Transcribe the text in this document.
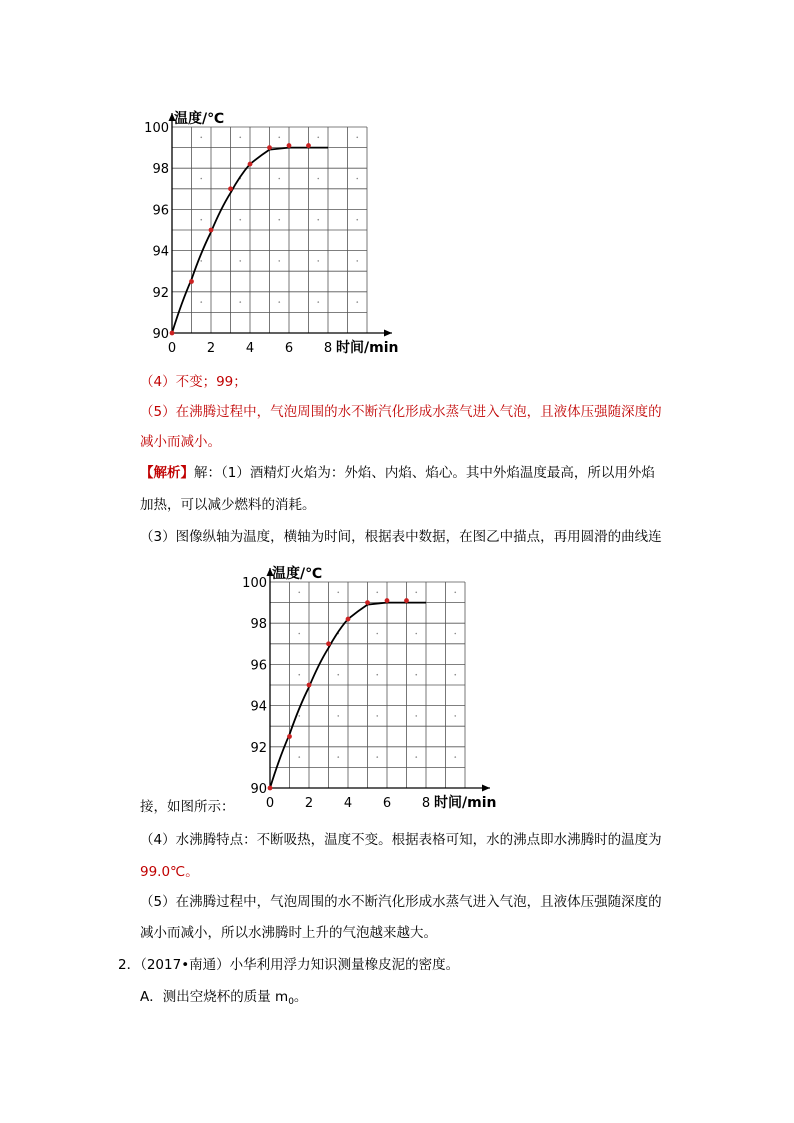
0 2 4 6 8
90
92
94
96
98
100
温度/℃
时间/min
（4）不变；99；
（5）在沸腾过程中，气泡周围的水不断汽化形成水蒸气进入气泡，且液体压强随深度的
减小而减小。
【解析】解：（1）酒精灯火焰为：外焰、内焰、焰心。其中外焰温度最高，所以用外焰
加热，可以减少燃料的消耗。
（3）图像纵轴为温度，横轴为时间，根据表中数据，在图乙中描点，再用圆滑的曲线连
0 2 4 6 8
90
92
94
96
98
100
温度/℃
时间/min
接，如图所示：
（4）水沸腾特点：不断吸热，温度不变。根据表格可知，水的沸点即水沸腾时的温度为
99.0℃。
（5）在沸腾过程中，气泡周围的水不断汽化形成水蒸气进入气泡，且液体压强随深度的
减小而减小，所以水沸腾时上升的气泡越来越大。
2．（2017•南通）小华利用浮力知识测量橡皮泥的密度。
A．测出空烧杯的质量 $m_0$。
